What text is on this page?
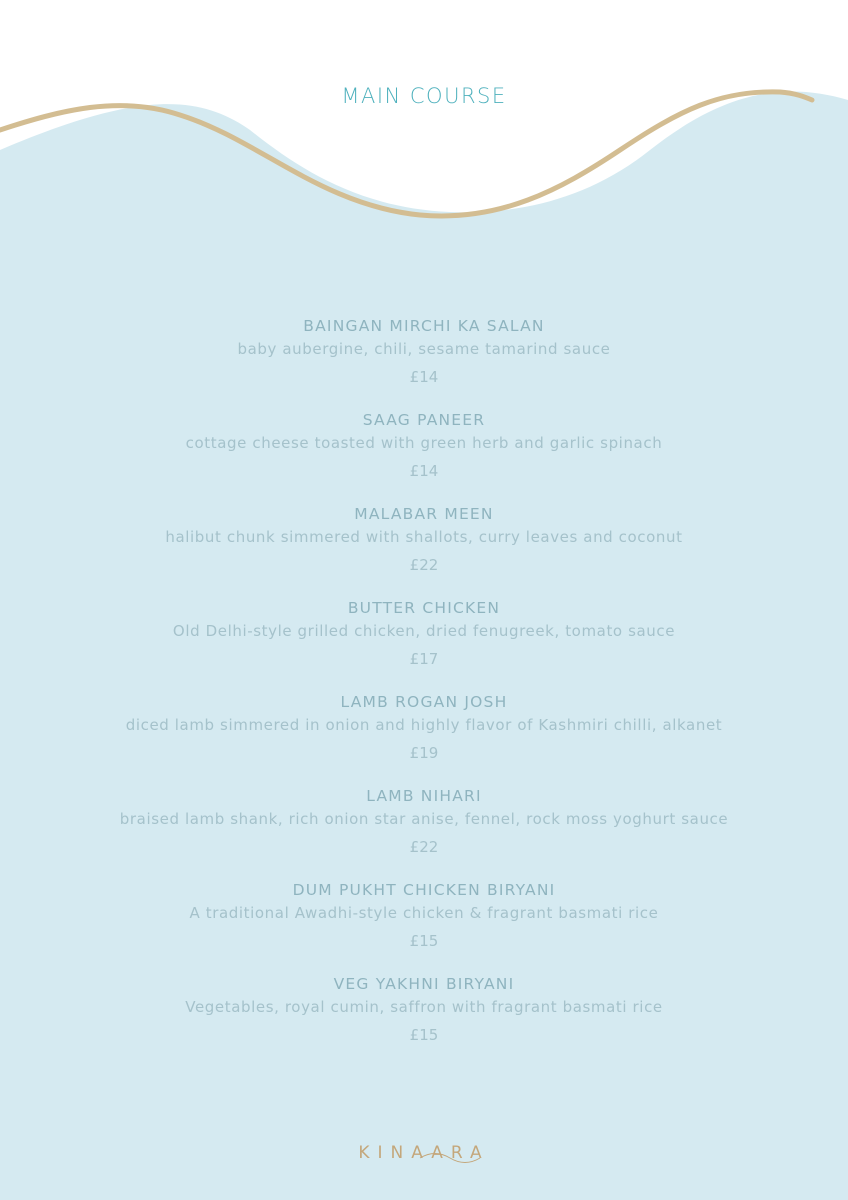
MAIN COURSE
BAINGAN MIRCHI KA SALAN
baby aubergine, chili, sesame tamarind sauce
£14
SAAG PANEER
cottage cheese toasted with green herb and garlic spinach
£14
MALABAR MEEN
halibut chunk simmered with shallots, curry leaves and coconut
£22
BUTTER CHICKEN
Old Delhi-style grilled chicken, dried fenugreek, tomato sauce
£17
LAMB ROGAN JOSH
diced lamb simmered in onion and highly flavor of Kashmiri chilli, alkanet
£19
LAMB NIHARI
braised lamb shank, rich onion star anise, fennel, rock moss yoghurt sauce
£22
DUM PUKHT CHICKEN BIRYANI
A traditional Awadhi-style chicken & fragrant basmati rice
£15
VEG YAKHNI BIRYANI
Vegetables, royal cumin, saffron with fragrant basmati rice
£15
KINAARA
